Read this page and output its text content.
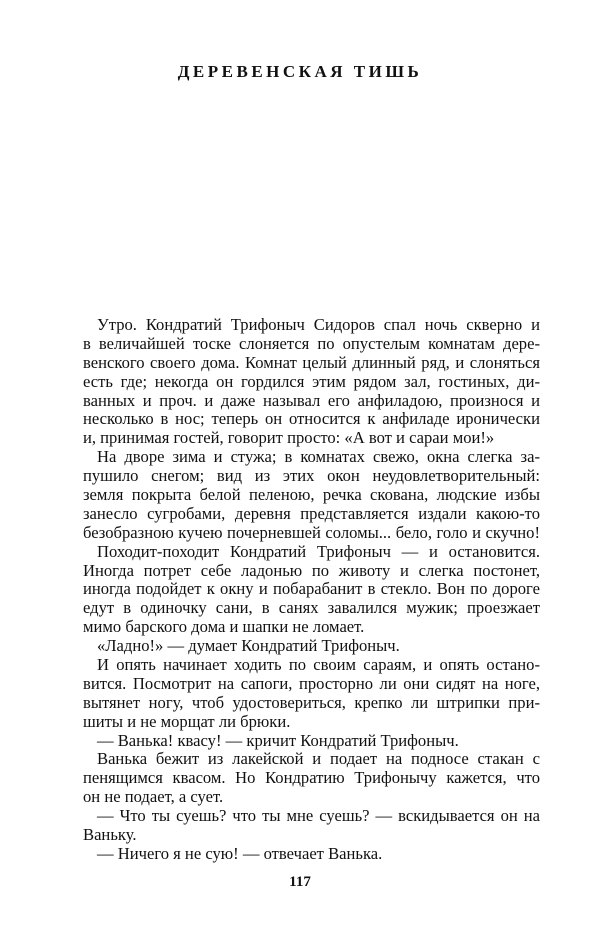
ДЕРЕВЕНСКАЯ ТИШЬ
Утро. Кондратий Трифоныч Сидоров спал ночь скверно и
в величайшей тоске слоняется по опустелым комнатам дере-
венского своего дома. Комнат целый длинный ряд, и слоняться
есть где; некогда он гордился этим рядом зал, гостиных, ди-
ванных и проч. и даже называл его анфиладою, произнося и
несколько в нос; теперь он относится к анфиладе иронически
и, принимая гостей, говорит просто: «А вот и сараи мои!»
На дворе зима и стужа; в комнатах свежо, окна слегка за-
пушило снегом; вид из этих окон неудовлетворительный:
земля покрыта белой пеленою, речка скована, людские избы
занесло сугробами, деревня представляется издали какою-то
безобразною кучею почерневшей соломы... бело, голо и скучно!
Походит-походит Кондратий Трифоныч — и остановится.
Иногда потрет себе ладонью по животу и слегка постонет,
иногда подойдет к окну и побарабанит в стекло. Вон по дороге
едут в одиночку сани, в санях завалился мужик; проезжает
мимо барского дома и шапки не ломает.
«Ладно!» — думает Кондратий Трифоныч.
И опять начинает ходить по своим сараям, и опять остано-
вится. Посмотрит на сапоги, просторно ли они сидят на ноге,
вытянет ногу, чтоб удостовериться, крепко ли штрипки при-
шиты и не морщат ли брюки.
— Ванька! квасу! — кричит Кондратий Трифоныч.
Ванька бежит из лакейской и подает на подносе стакан с
пенящимся квасом. Но Кондратию Трифонычу кажется, что
он не подает, а сует.
— Что ты суешь? что ты мне суешь? — вскидывается он на
Ваньку.
— Ничего я не сую! — отвечает Ванька.
117
